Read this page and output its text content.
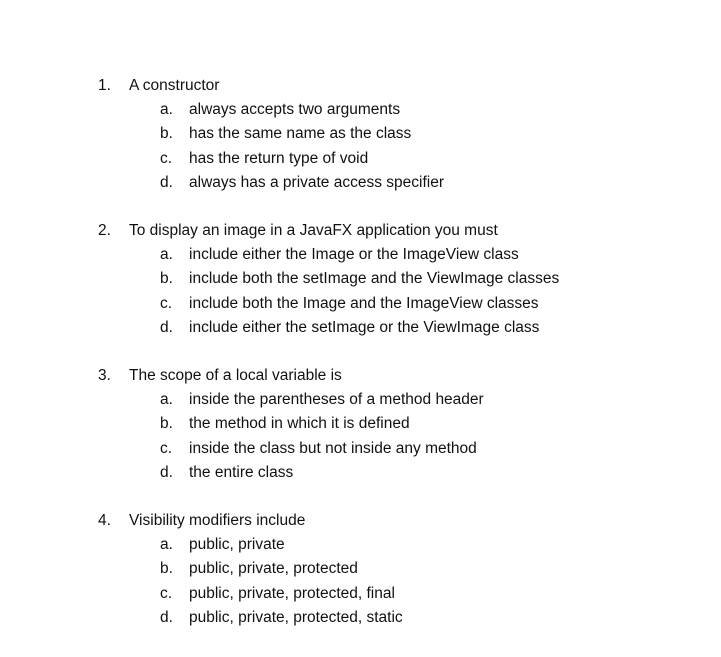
1. A constructor
a. always accepts two arguments
b. has the same name as the class
c. has the return type of void
d. always has a private access specifier
2. To display an image in a JavaFX application you must
a. include either the Image or the ImageView class
b. include both the setImage and the ViewImage classes
c. include both the Image and the ImageView classes
d. include either the setImage or the ViewImage class
3. The scope of a local variable is
a. inside the parentheses of a method header
b. the method in which it is defined
c. inside the class but not inside any method
d. the entire class
4. Visibility modifiers include
a. public, private
b. public, private, protected
c. public, private, protected, final
d. public, private, protected, static
